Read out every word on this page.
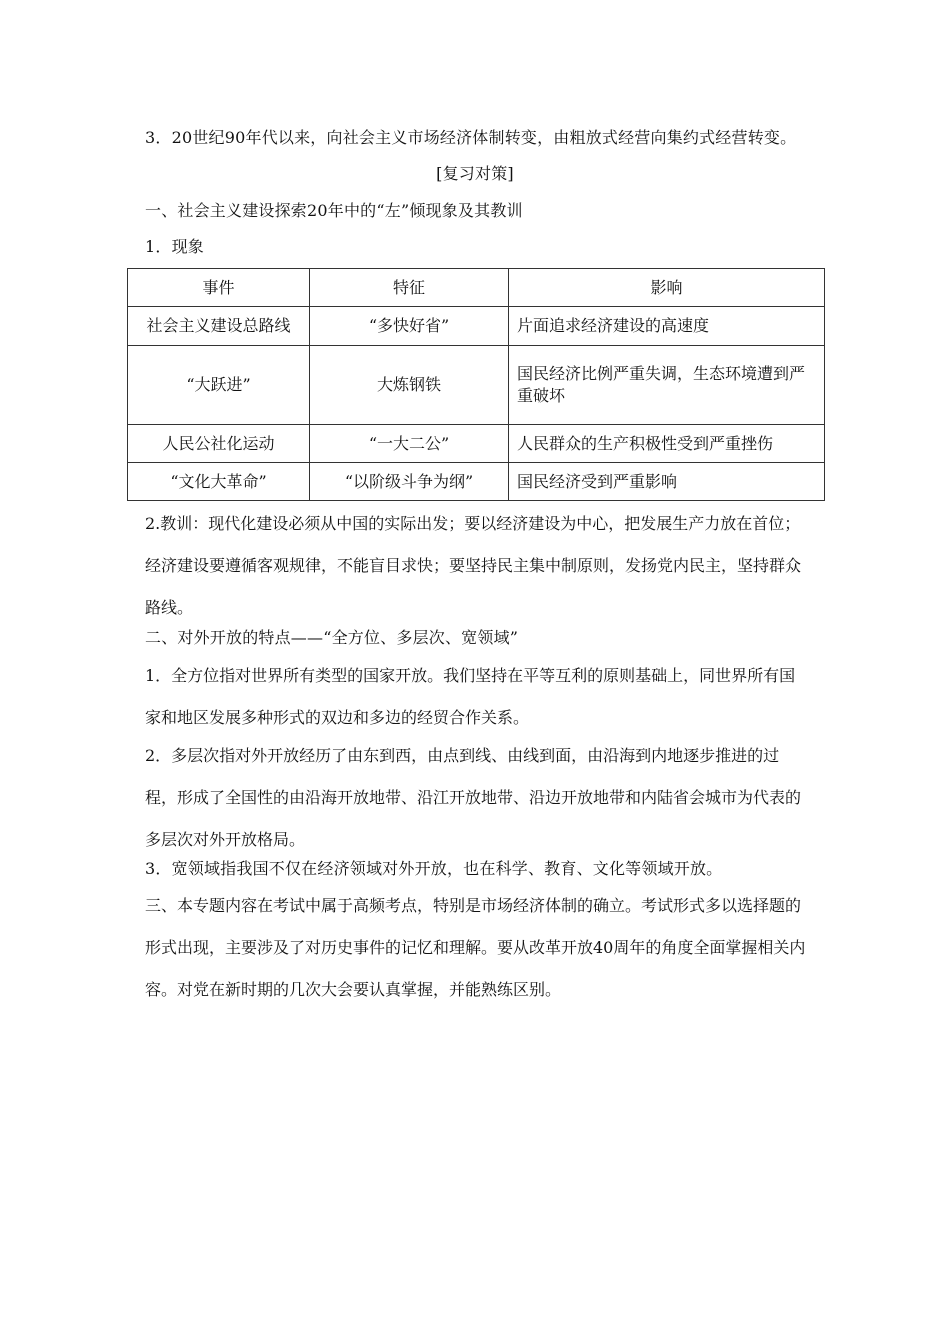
3．20世纪90年代以来，向社会主义市场经济体制转变，由粗放式经营向集约式经营转变。
[复习对策]
一、社会主义建设探索20年中的“左”倾现象及其教训
1．现象
事件	特征	影响
社会主义建设总路线	“多快好省”	片面追求经济建设的高速度
“大跃进”	大炼钢铁	国民经济比例严重失调，生态环境遭到严重破坏
人民公社化运动	“一大二公”	人民群众的生产积极性受到严重挫伤
“文化大革命”	“以阶级斗争为纲”	国民经济受到严重影响
2.教训：现代化建设必须从中国的实际出发；要以经济建设为中心，把发展生产力放在首位；经济建设要遵循客观规律，不能盲目求快；要坚持民主集中制原则，发扬党内民主，坚持群众路线。
二、对外开放的特点——“全方位、多层次、宽领域”
1．全方位指对世界所有类型的国家开放。我们坚持在平等互利的原则基础上，同世界所有国家和地区发展多种形式的双边和多边的经贸合作关系。
2．多层次指对外开放经历了由东到西，由点到线、由线到面，由沿海到内地逐步推进的过程，形成了全国性的由沿海开放地带、沿江开放地带、沿边开放地带和内陆省会城市为代表的多层次对外开放格局。
3．宽领域指我国不仅在经济领域对外开放，也在科学、教育、文化等领域开放。
三、本专题内容在考试中属于高频考点，特别是市场经济体制的确立。考试形式多以选择题的形式出现，主要涉及了对历史事件的记忆和理解。要从改革开放40周年的角度全面掌握相关内容。对党在新时期的几次大会要认真掌握，并能熟练区别。
